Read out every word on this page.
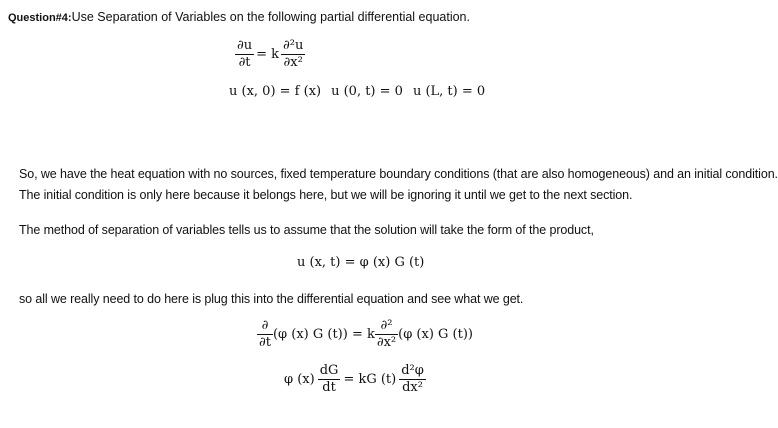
Question#4:Use Separation of Variables on the following partial differential equation.
$\frac{\partial u}{\partial t} = k \frac{\text{∂²u}}{\text{∂x²}}$
u (x, 0) = f (x) u (0, t) = 0 u (L, t) = 0
So, we have the heat equation with no sources, fixed temperature boundary conditions (that are also homogeneous) and an initial condition.
The initial condition is only here because it belongs here, but we will be ignoring it until we get to the next section.
The method of separation of variables tells us to assume that the solution will take the form of the product,
u (x, t) = φ (x) G (t)
so all we really need to do here is plug this into the differential equation and see what we get.
$\frac{\partial}{\partial t} (\varphi$ (x) G (t)) = k $\frac{\text{∂²}}{\text{∂x²}} (\varphi$ (x) G (t))
φ $(x) \frac{dG}{dt}$ = kG $(t) \frac{\text{d²φ}}{\text{dx²}}$
